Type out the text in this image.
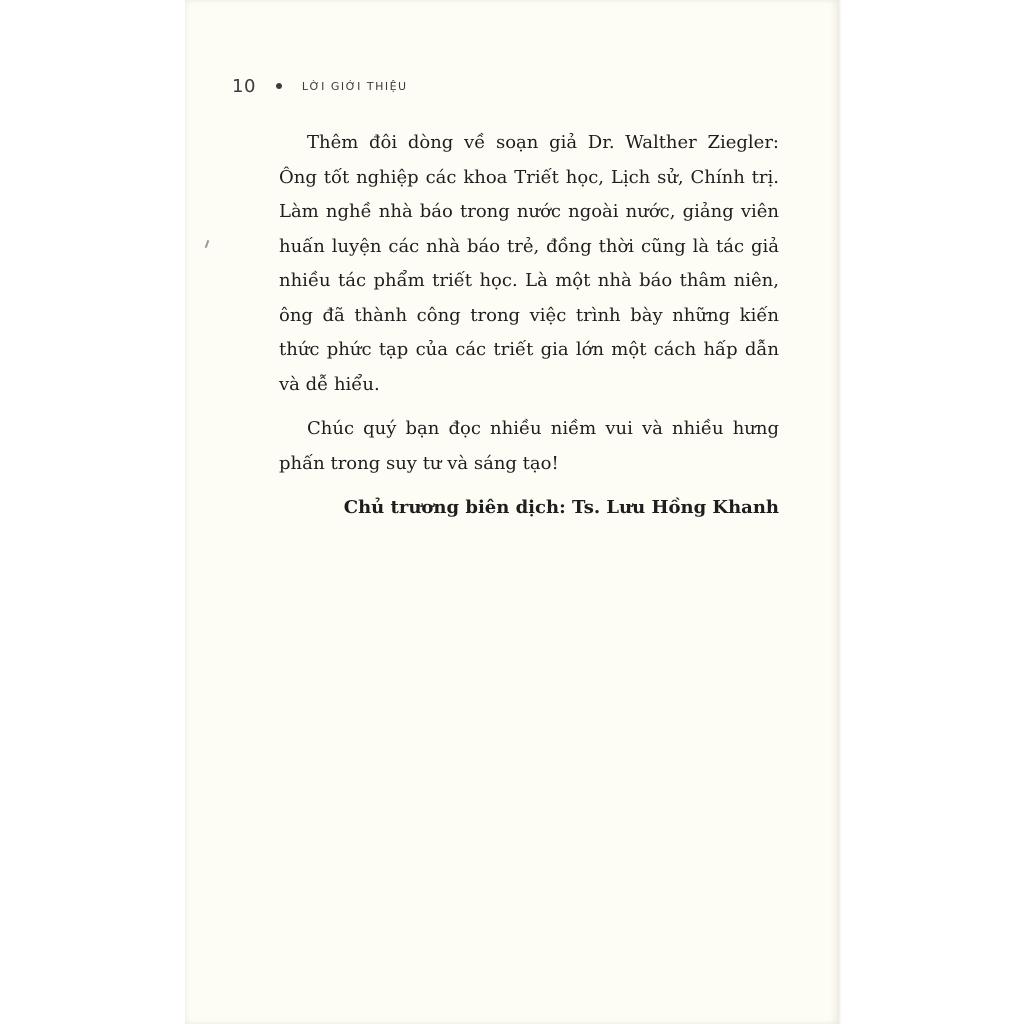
10	LỜI GIỚI THIỆU

Thêm đôi dòng về soạn giả Dr. Walther Ziegler: Ông tốt nghiệp các khoa Triết học, Lịch sử, Chính trị. Làm nghề nhà báo trong nước ngoài nước, giảng viên huấn luyện các nhà báo trẻ, đồng thời cũng là tác giả nhiều tác phẩm triết học. Là một nhà báo thâm niên, ông đã thành công trong việc trình bày những kiến thức phức tạp của các triết gia lớn một cách hấp dẫn và dễ hiểu.

Chúc quý bạn đọc nhiều niềm vui và nhiều hưng phấn trong suy tư và sáng tạo!

Chủ trương biên dịch: Ts. Lưu Hồng Khanh
